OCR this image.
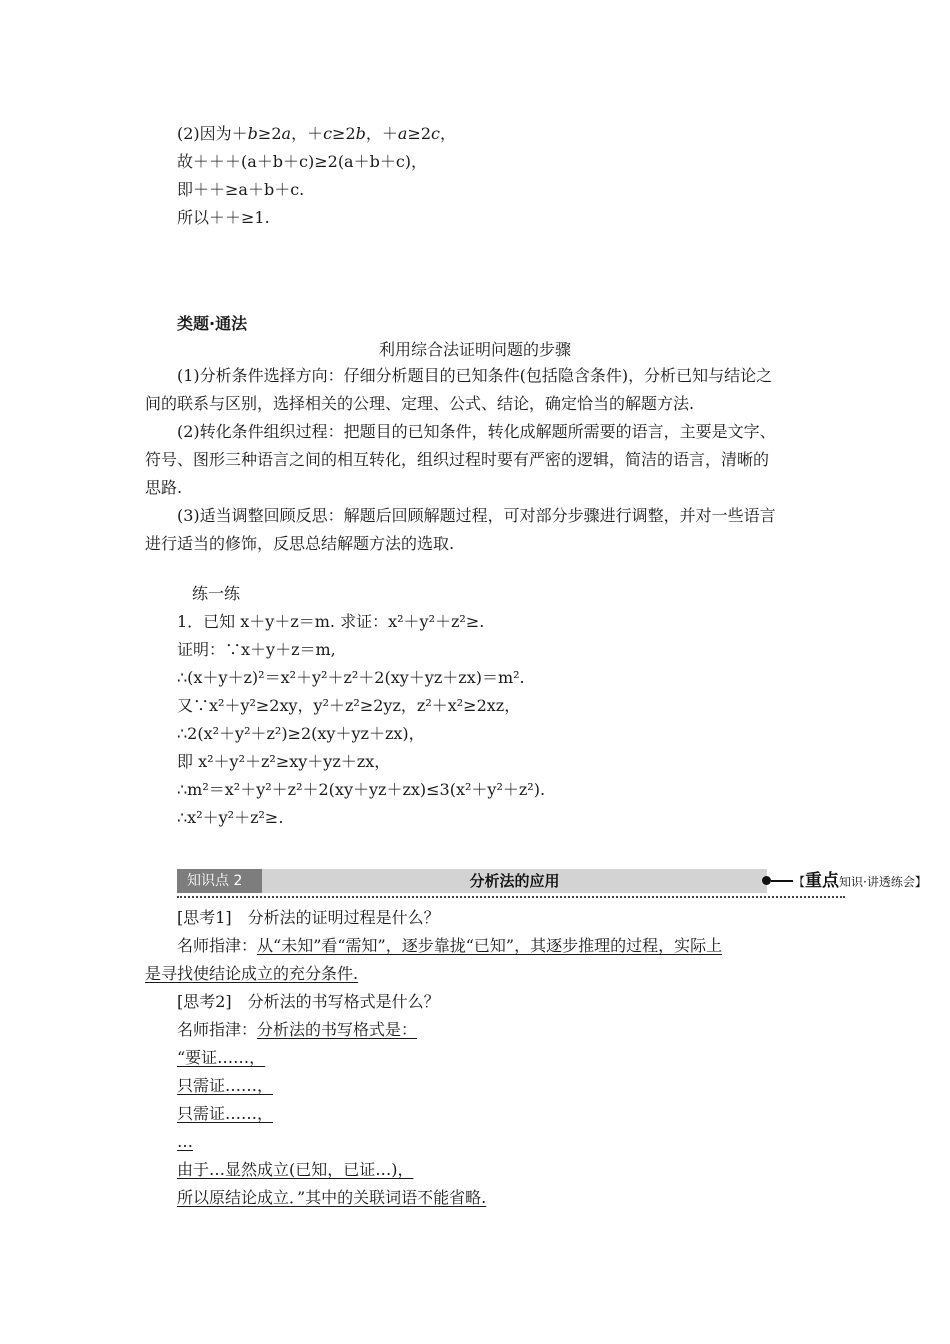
(2)因为＋b≥2a，＋c≥2b，＋a≥2c，
故＋＋＋(a＋b＋c)≥2(a＋b＋c)，
即＋＋≥a＋b＋c.
所以＋＋≥1.
类题·通法
利用综合法证明问题的步骤
(1)分析条件选择方向：仔细分析题目的已知条件(包括隐含条件)，分析已知与结论之
间的联系与区别，选择相关的公理、定理、公式、结论，确定恰当的解题方法.
(2)转化条件组织过程：把题目的已知条件，转化成解题所需要的语言，主要是文字、
符号、图形三种语言之间的相互转化，组织过程时要有严密的逻辑，简洁的语言，清晰的
思路.
(3)适当调整回顾反思：解题后回顾解题过程，可对部分步骤进行调整，并对一些语言
进行适当的修饰，反思总结解题方法的选取.
练一练
1．已知 x＋y＋z＝m. 求证：x²＋y²＋z²≥.
证明：∵x＋y＋z＝m,
∴(x＋y＋z)²＝x²＋y²＋z²＋2(xy＋yz＋zx)＝m².
又∵x²＋y²≥2xy，y²＋z²≥2yz，z²＋x²≥2xz，
∴2(x²＋y²＋z²)≥2(xy＋yz＋zx)，
即 x²＋y²＋z²≥xy＋yz＋zx，
∴m²＝x²＋y²＋z²＋2(xy＋yz＋zx)≤3(x²＋y²＋z²).
∴x²＋y²＋z²≥.
知识点 2	分析法的应用	【重点知识·讲透练会】
[思考1]　分析法的证明过程是什么？
名师指津：从“未知”看“需知”，逐步靠拢“已知”，其逐步推理的过程，实际上
是寻找使结论成立的充分条件.
[思考2]　分析法的书写格式是什么？
名师指津：分析法的书写格式是：
“要证……，
只需证……，
只需证……，
…
由于…显然成立(已知，已证…)，
所以原结论成立．”其中的关联词语不能省略.
